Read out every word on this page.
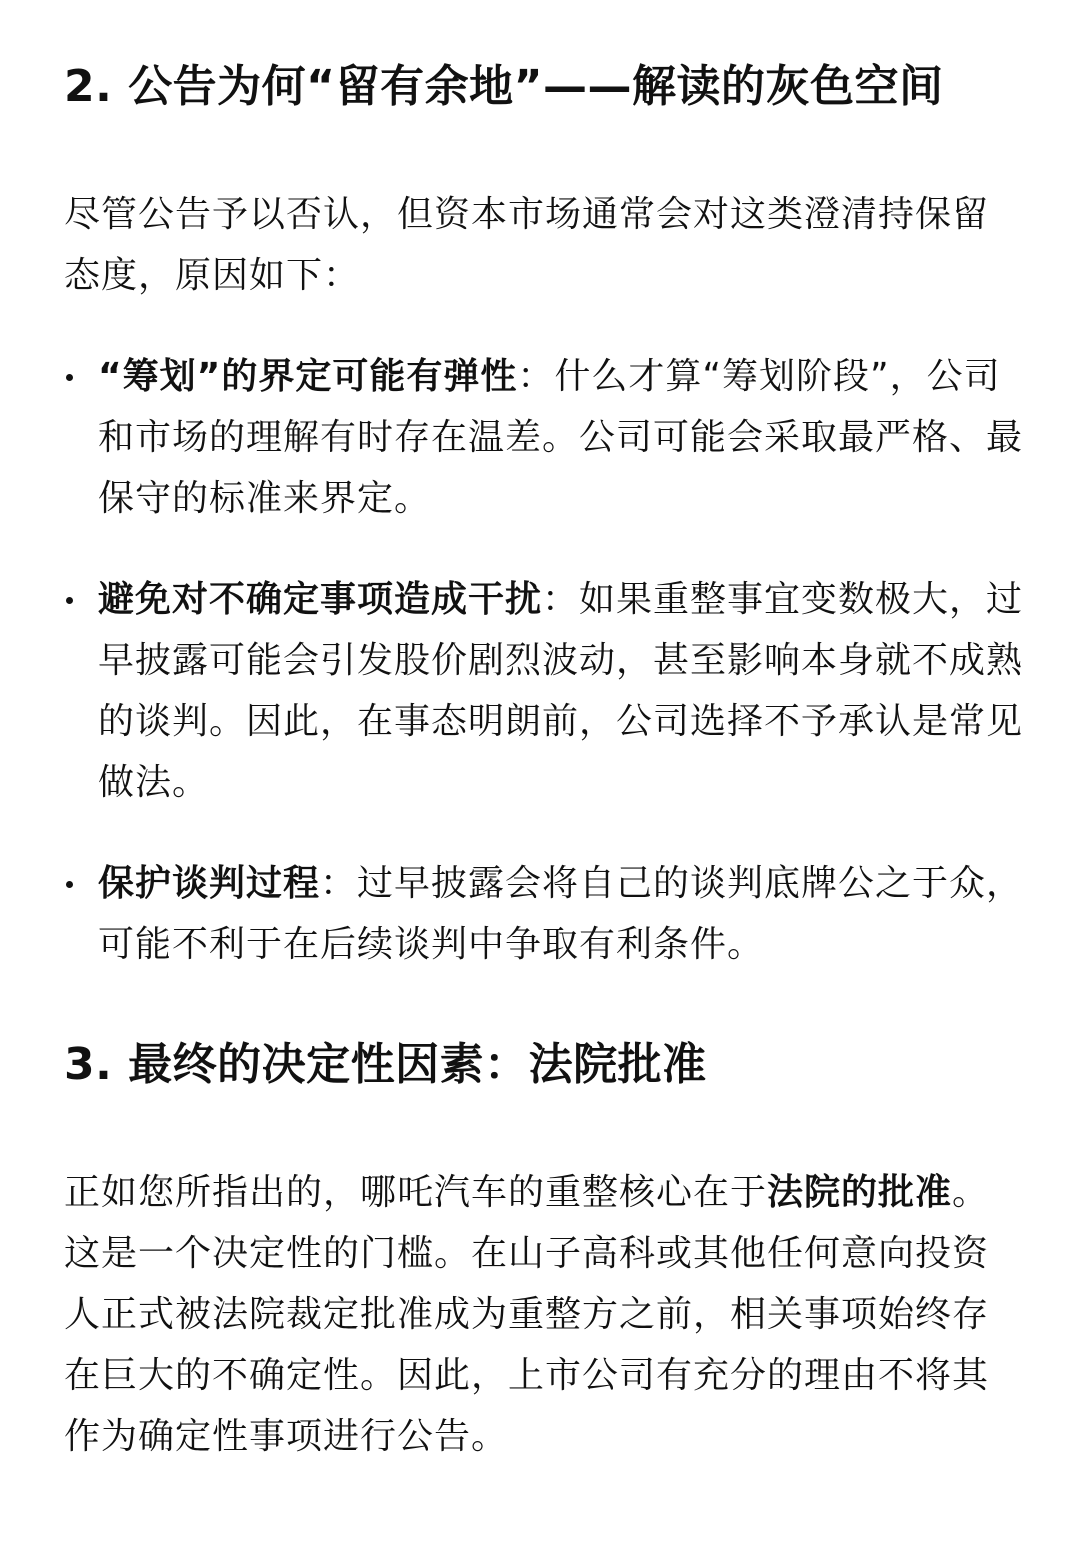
2. 公告为何“留有余地”——解读的灰色空间

尽管公告予以否认，但资本市场通常会对这类澄清持保留态度，原因如下：

“筹划”的界定可能有弹性：什么才算“筹划阶段”，公司和市场的理解有时存在温差。公司可能会采取最严格、最保守的标准来界定。
避免对不确定事项造成干扰：如果重整事宜变数极大，过早披露可能会引发股价剧烈波动，甚至影响本身就不成熟的谈判。因此，在事态明朗前，公司选择不予承认是常见做法。
保护谈判过程：过早披露会将自己的谈判底牌公之于众，可能不利于在后续谈判中争取有利条件。
3. 最终的决定性因素：法院批准

正如您所指出的，哪吒汽车的重整核心在于法院的批准。这是一个决定性的门槛。在山子高科或其他任何意向投资人正式被法院裁定批准成为重整方之前，相关事项始终存在巨大的不确定性。因此，上市公司有充分的理由不将其作为确定性事项进行公告。
